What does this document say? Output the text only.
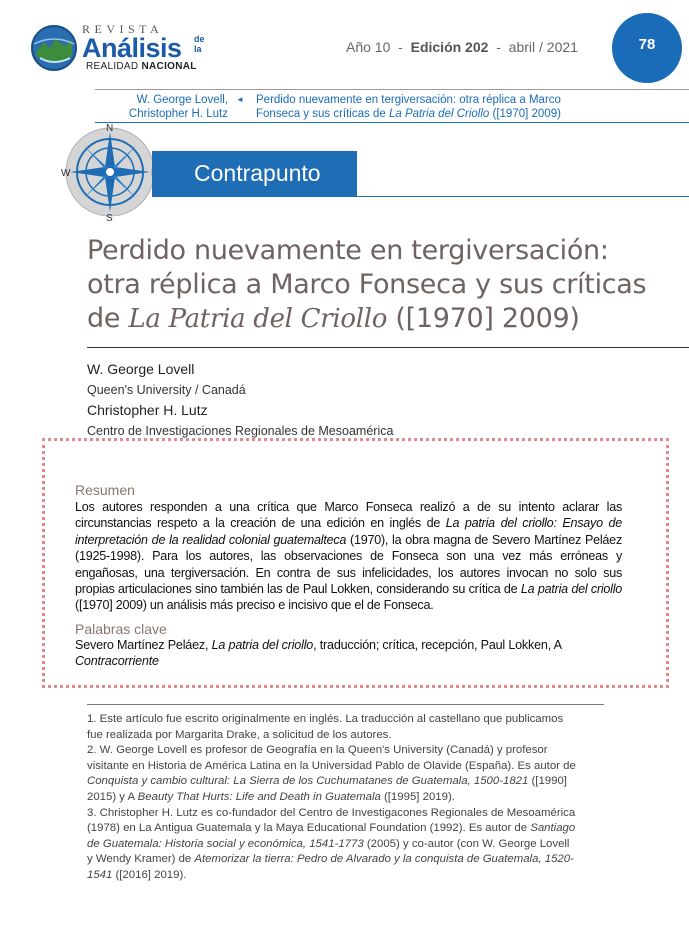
REVISTA
Análisis de la
REALIDAD NACIONAL
Año 10 - Edición 202 - abril / 2021	78
W. George Lovell,
Christopher H. Lutz
◄ Perdido nuevamente en tergiversación: otra réplica a Marco
Fonseca y sus críticas de La Patria del Criollo ([1970] 2009)
N
S
W	Contrapunto
Perdido nuevamente en tergiversación:
otra réplica a Marco Fonseca y sus críticas
de La Patria del Criollo ([1970] 2009)
W. George Lovell
Queen's University / Canadá
Christopher H. Lutz
Centro de Investigaciones Regionales de Mesoamérica
Resumen

Los autores responden a una crítica que Marco Fonseca realizó a de su intento aclarar las circunstancias respeto a la creación de una edición en inglés de La patria del criollo: Ensayo de interpretación de la realidad colonial guatemalteca (1970), la obra magna de Severo Martínez Peláez (1925-1998). Para los autores, las observaciones de Fonseca son una vez más erróneas y engañosas, una tergiversación. En contra de sus infelicidades, los autores invocan no solo sus propias articulaciones sino también las de Paul Lokken, considerando su crítica de La patria del criollo ([1970] 2009) un análisis más preciso e incisivo que el de Fonseca.

Palabras clave

Severo Martínez Peláez, La patria del criollo, traducción; crítica, recepción, Paul Lokken, A Contracorriente

1. Este artículo fue escrito originalmente en inglés. La traducción al castellano que publicamos fue realizada por Margarita Drake, a solicitud de los autores.

2. W. George Lovell es profesor de Geografía en la Queen's University (Canadá) y profesor visitante en Historia de América Latina en la Universidad Pablo de Olavide (España). Es autor de Conquista y cambio cultural: La Sierra de los Cuchumatanes de Guatemala, 1500-1821 ([1990] 2015) y A Beauty That Hurts: Life and Death in Guatemala ([1995] 2019).

3. Christopher H. Lutz es co-fundador del Centro de Investigacones Regionales de Mesoamérica (1978) en La Antigua Guatemala y la Maya Educational Foundation (1992). Es autor de Santiago de Guatemala: Historia social y económica, 1541-1773 (2005) y co-autor (con W. George Lovell y Wendy Kramer) de Atemorizar la tierra: Pedro de Alvarado y la conquista de Guatemala, 1520-1541 ([2016] 2019).
